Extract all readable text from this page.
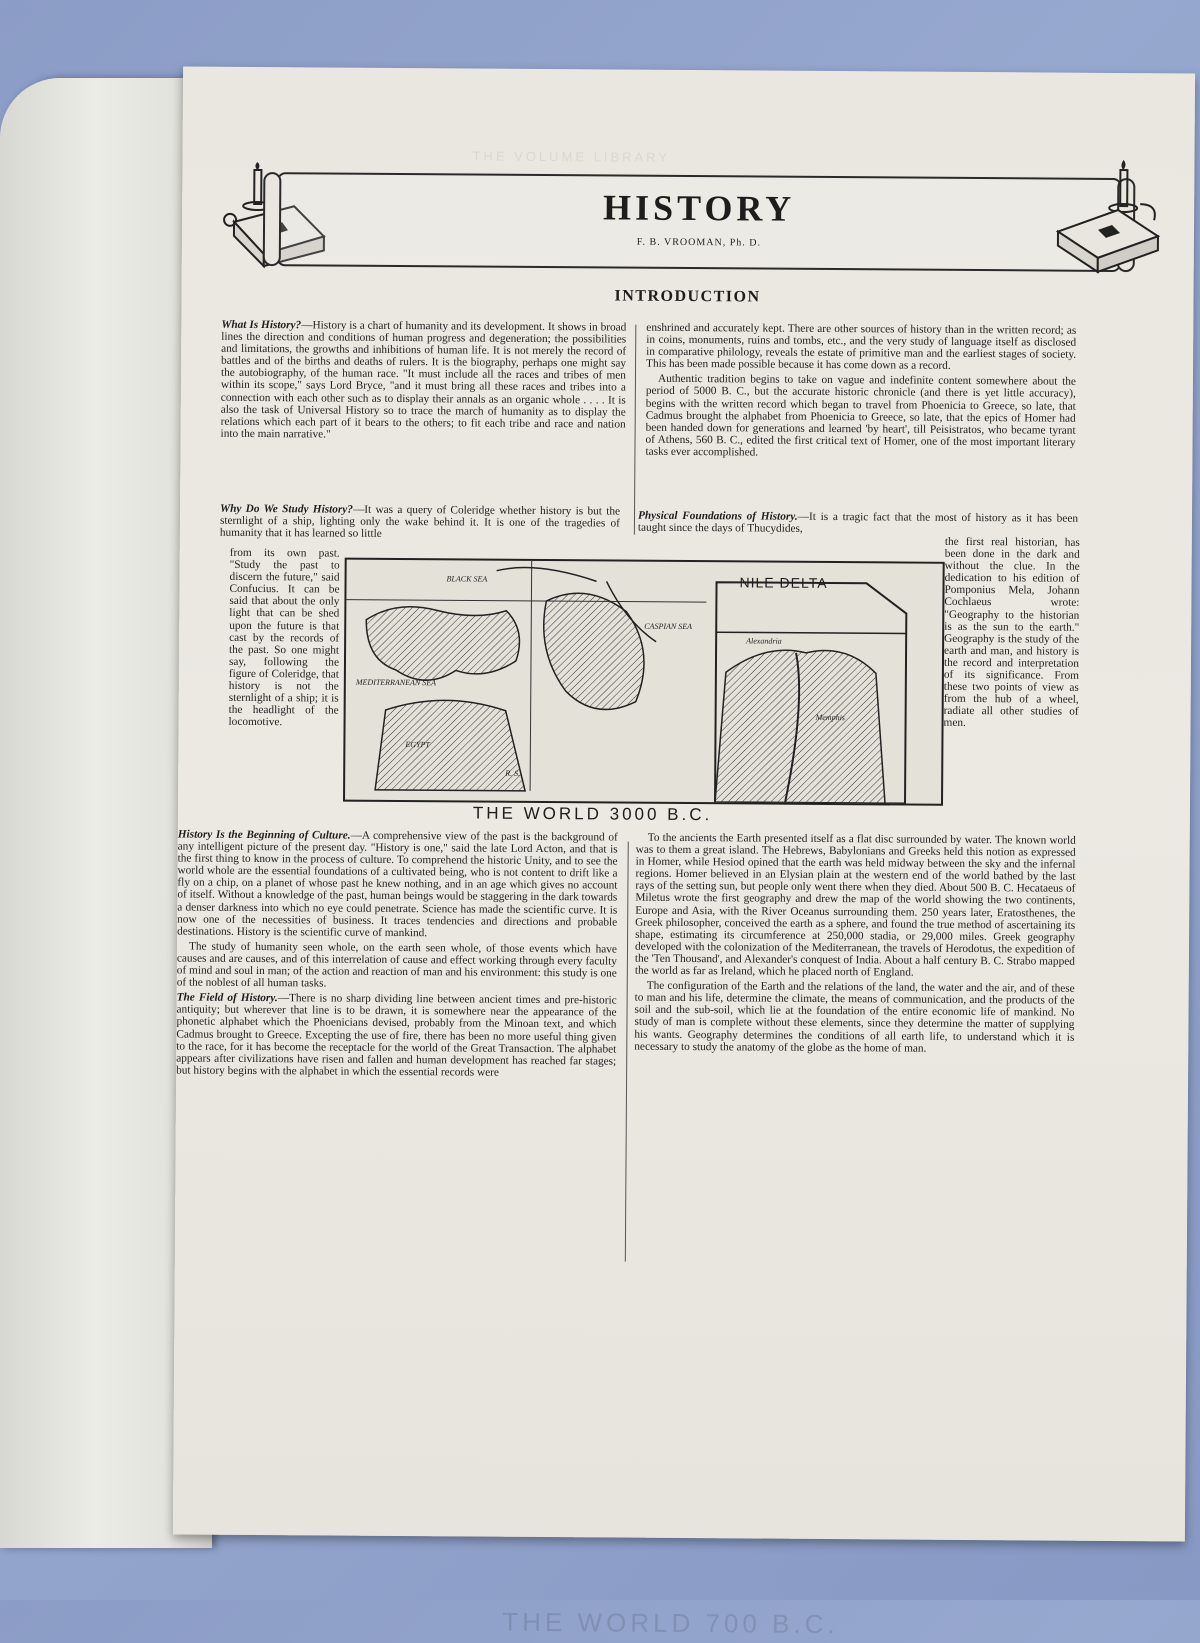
THE VOLUME LIBRARY
HISTORY
F. B. VROOMAN, Ph. D.
INTRODUCTION

What Is History?—History is a chart of humanity and its development. It shows in broad lines the direction and conditions of human progress and degeneration; the possibilities and limitations, the growths and inhibitions of human life. It is not merely the record of battles and of the births and deaths of rulers. It is the biography, perhaps one might say the autobiography, of the human race. "It must include all the races and tribes of men within its scope," says Lord Bryce, "and it must bring all these races and tribes into a connection with each other such as to display their annals as an organic whole . . . . It is also the task of Universal History so to trace the march of humanity as to display the relations which each part of it bears to the others; to fit each tribe and race and nation into the main narrative."

enshrined and accurately kept. There are other sources of history than in the written record; as in coins, monuments, ruins and tombs, etc., and the very study of language itself as disclosed in comparative philology, reveals the estate of primitive man and the earliest stages of society. This has been made possible because it has come down as a record.

Authentic tradition begins to take on vague and indefinite content somewhere about the period of 5000 B. C., but the accurate historic chronicle (and there is yet little accuracy), begins with the written record which began to travel from Phoenicia to Greece, so late, that Cadmus brought the alphabet from Phoenicia to Greece, so late, that the epics of Homer had been handed down for generations and learned 'by heart', till Peisistratos, who became tyrant of Athens, 560 B. C., edited the first critical text of Homer, one of the most important literary tasks ever accomplished.

Why Do We Study History?—It was a query of Coleridge whether history is but the sternlight of a ship, lighting only the wake behind it. It is one of the tragedies of humanity that it has learned so little
from its own past. "Study the past to discern the future," said Confucius. It can be said that about the only light that can be shed upon the future is that cast by the records of the past. So one might say, following the figure of Coleridge, that history is not the sternlight of a ship; it is the headlight of the locomotive.
Physical Foundations of History.—It is a tragic fact that the most of history as it has been taught since the days of Thucydides,
the first real historian, has been done in the dark and without the clue. In the dedication to his edition of Pomponius Mela, Johann Cochlaeus wrote: "Geography to the historian is as the sun to the earth." Geography is the study of the earth and man, and history is the record and interpretation of its significance. From these two points of view as from the hub of a wheel, radiate all other studies of men.
BLACK SEA
CASPIAN SEA
MEDITERRANEAN SEA
EGYPT
Alexandria
Memphis
R. S.
NILE DELTA
THE WORLD 3000 B.C.

History Is the Beginning of Culture.—A comprehensive view of the past is the background of any intelligent picture of the present day. "History is one," said the late Lord Acton, and that is the first thing to know in the process of culture. To comprehend the historic Unity, and to see the world whole are the essential foundations of a cultivated being, who is not content to drift like a fly on a chip, on a planet of whose past he knew nothing, and in an age which gives no account of itself. Without a knowledge of the past, human beings would be staggering in the dark towards a denser darkness into which no eye could penetrate. Science has made the scientific curve. It is now one of the necessities of business. It traces tendencies and directions and probable destinations. History is the scientific curve of mankind.

The study of humanity seen whole, on the earth seen whole, of those events which have causes and are causes, and of this interrelation of cause and effect working through every faculty of mind and soul in man; of the action and reaction of man and his environment: this study is one of the noblest of all human tasks.

The Field of History.—There is no sharp dividing line between ancient times and pre-historic antiquity; but wherever that line is to be drawn, it is somewhere near the appearance of the phonetic alphabet which the Phoenicians devised, probably from the Minoan text, and which Cadmus brought to Greece. Excepting the use of fire, there has been no more useful thing given to the race, for it has become the receptacle for the world of the Great Transaction. The alphabet appears after civilizations have risen and fallen and human development has reached far stages; but history begins with the alphabet in which the essential records were

To the ancients the Earth presented itself as a flat disc surrounded by water. The known world was to them a great island. The Hebrews, Babylonians and Greeks held this notion as expressed in Homer, while Hesiod opined that the earth was held midway between the sky and the infernal regions. Homer believed in an Elysian plain at the western end of the world bathed by the last rays of the setting sun, but people only went there when they died. About 500 B. C. Hecataeus of Miletus wrote the first geography and drew the map of the world showing the two continents, Europe and Asia, with the River Oceanus surrounding them. 250 years later, Eratosthenes, the Greek philosopher, conceived the earth as a sphere, and found the true method of ascertaining its shape, estimating its circumference at 250,000 stadia, or 29,000 miles. Greek geography developed with the colonization of the Mediterranean, the travels of Herodotus, the expedition of the 'Ten Thousand', and Alexander's conquest of India. About a half century B. C. Strabo mapped the world as far as Ireland, which he placed north of England.

The configuration of the Earth and the relations of the land, the water and the air, and of these to man and his life, determine the climate, the means of communication, and the products of the soil and the sub-soil, which lie at the foundation of the entire economic life of mankind. No study of man is complete without these elements, since they determine the matter of supplying his wants. Geography determines the conditions of all earth life, to understand which it is necessary to study the anatomy of the globe as the home of man.

THE WORLD 700 B.C.
